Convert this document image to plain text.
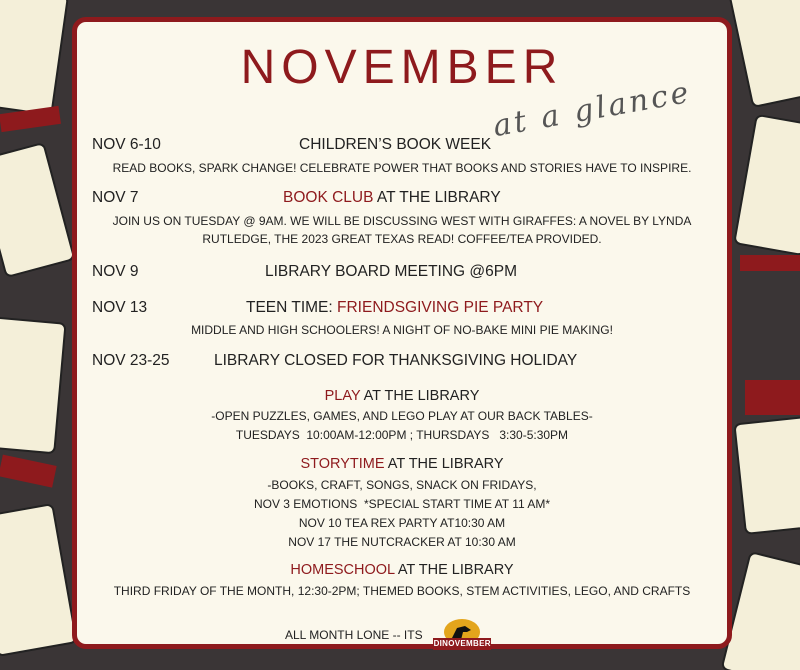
NOVEMBER
at a glance
NOV 6-10	CHILDREN’S BOOK WEEK
READ BOOKS, SPARK CHANGE! CELEBRATE POWER THAT BOOKS AND STORIES HAVE TO INSPIRE.
NOV 7	BOOK CLUB AT THE LIBRARY
JOIN US ON TUESDAY @ 9AM. WE WILL BE DISCUSSING WEST WITH GIRAFFES: A NOVEL BY LYNDA
RUTLEDGE, THE 2023 GREAT TEXAS READ! COFFEE/TEA PROVIDED.
NOV 9	LIBRARY BOARD MEETING @6PM
NOV 13	TEEN TIME: FRIENDSGIVING PIE PARTY
MIDDLE AND HIGH SCHOOLERS! A NIGHT OF NO-BAKE MINI PIE MAKING!
NOV 23-25	LIBRARY CLOSED FOR THANKSGIVING HOLIDAY
PLAY AT THE LIBRARY
-OPEN PUZZLES, GAMES, AND LEGO PLAY AT OUR BACK TABLES-
TUESDAYS  10:00AM-12:00PM ; THURSDAYS   3:30-5:30PM
STORYTIME AT THE LIBRARY
-BOOKS, CRAFT, SONGS, SNACK ON FRIDAYS,
NOV 3 EMOTIONS  *SPECIAL START TIME AT 11 AM*
NOV 10 TEA REX PARTY AT10:30 AM
NOV 17 THE NUTCRACKER AT 10:30 AM
HOMESCHOOL AT THE LIBRARY
THIRD FRIDAY OF THE MONTH, 12:30-2PM; THEMED BOOKS, STEM ACTIVITIES, LEGO, AND CRAFTS
ALL MONTH LONE -- ITS
DINOVEMBER
